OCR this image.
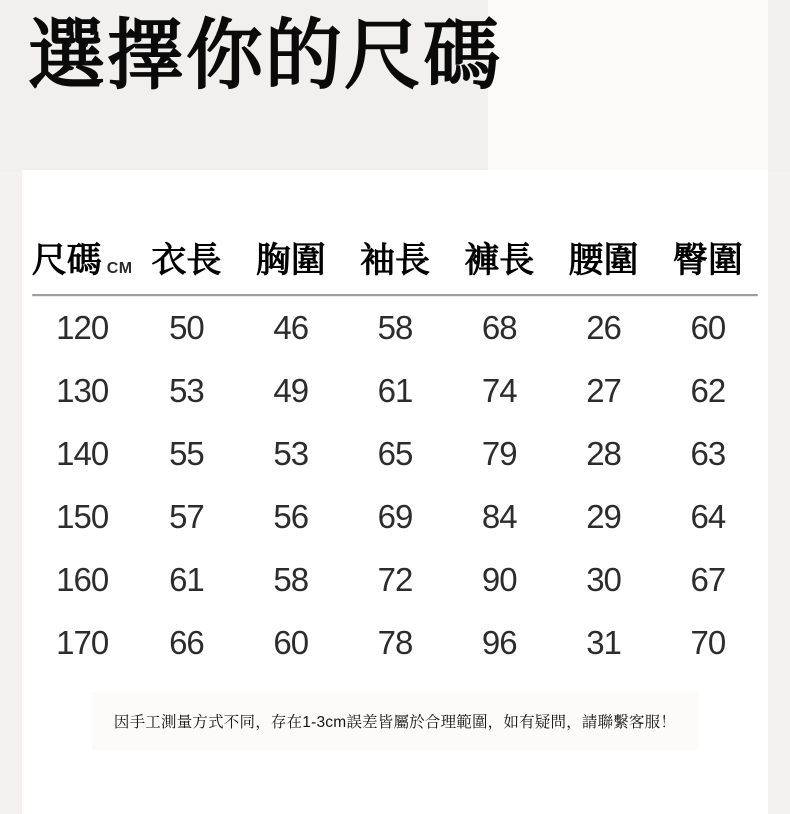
選擇你的尺碼
尺碼 CM 衣長 胸圍 袖長 褲長 腰圍 臀圍
120	50	46	58	68	26	60
130	53	49	61	74	27	62
140	55	53	65	79	28	63
150	57	56	69	84	29	64
160	61	58	72	90	30	67
170	66	60	78	96	31	70

因手工測量方式不同，存在1-3cm誤差皆屬於合理範圍，如有疑問，請聯繫客服！
